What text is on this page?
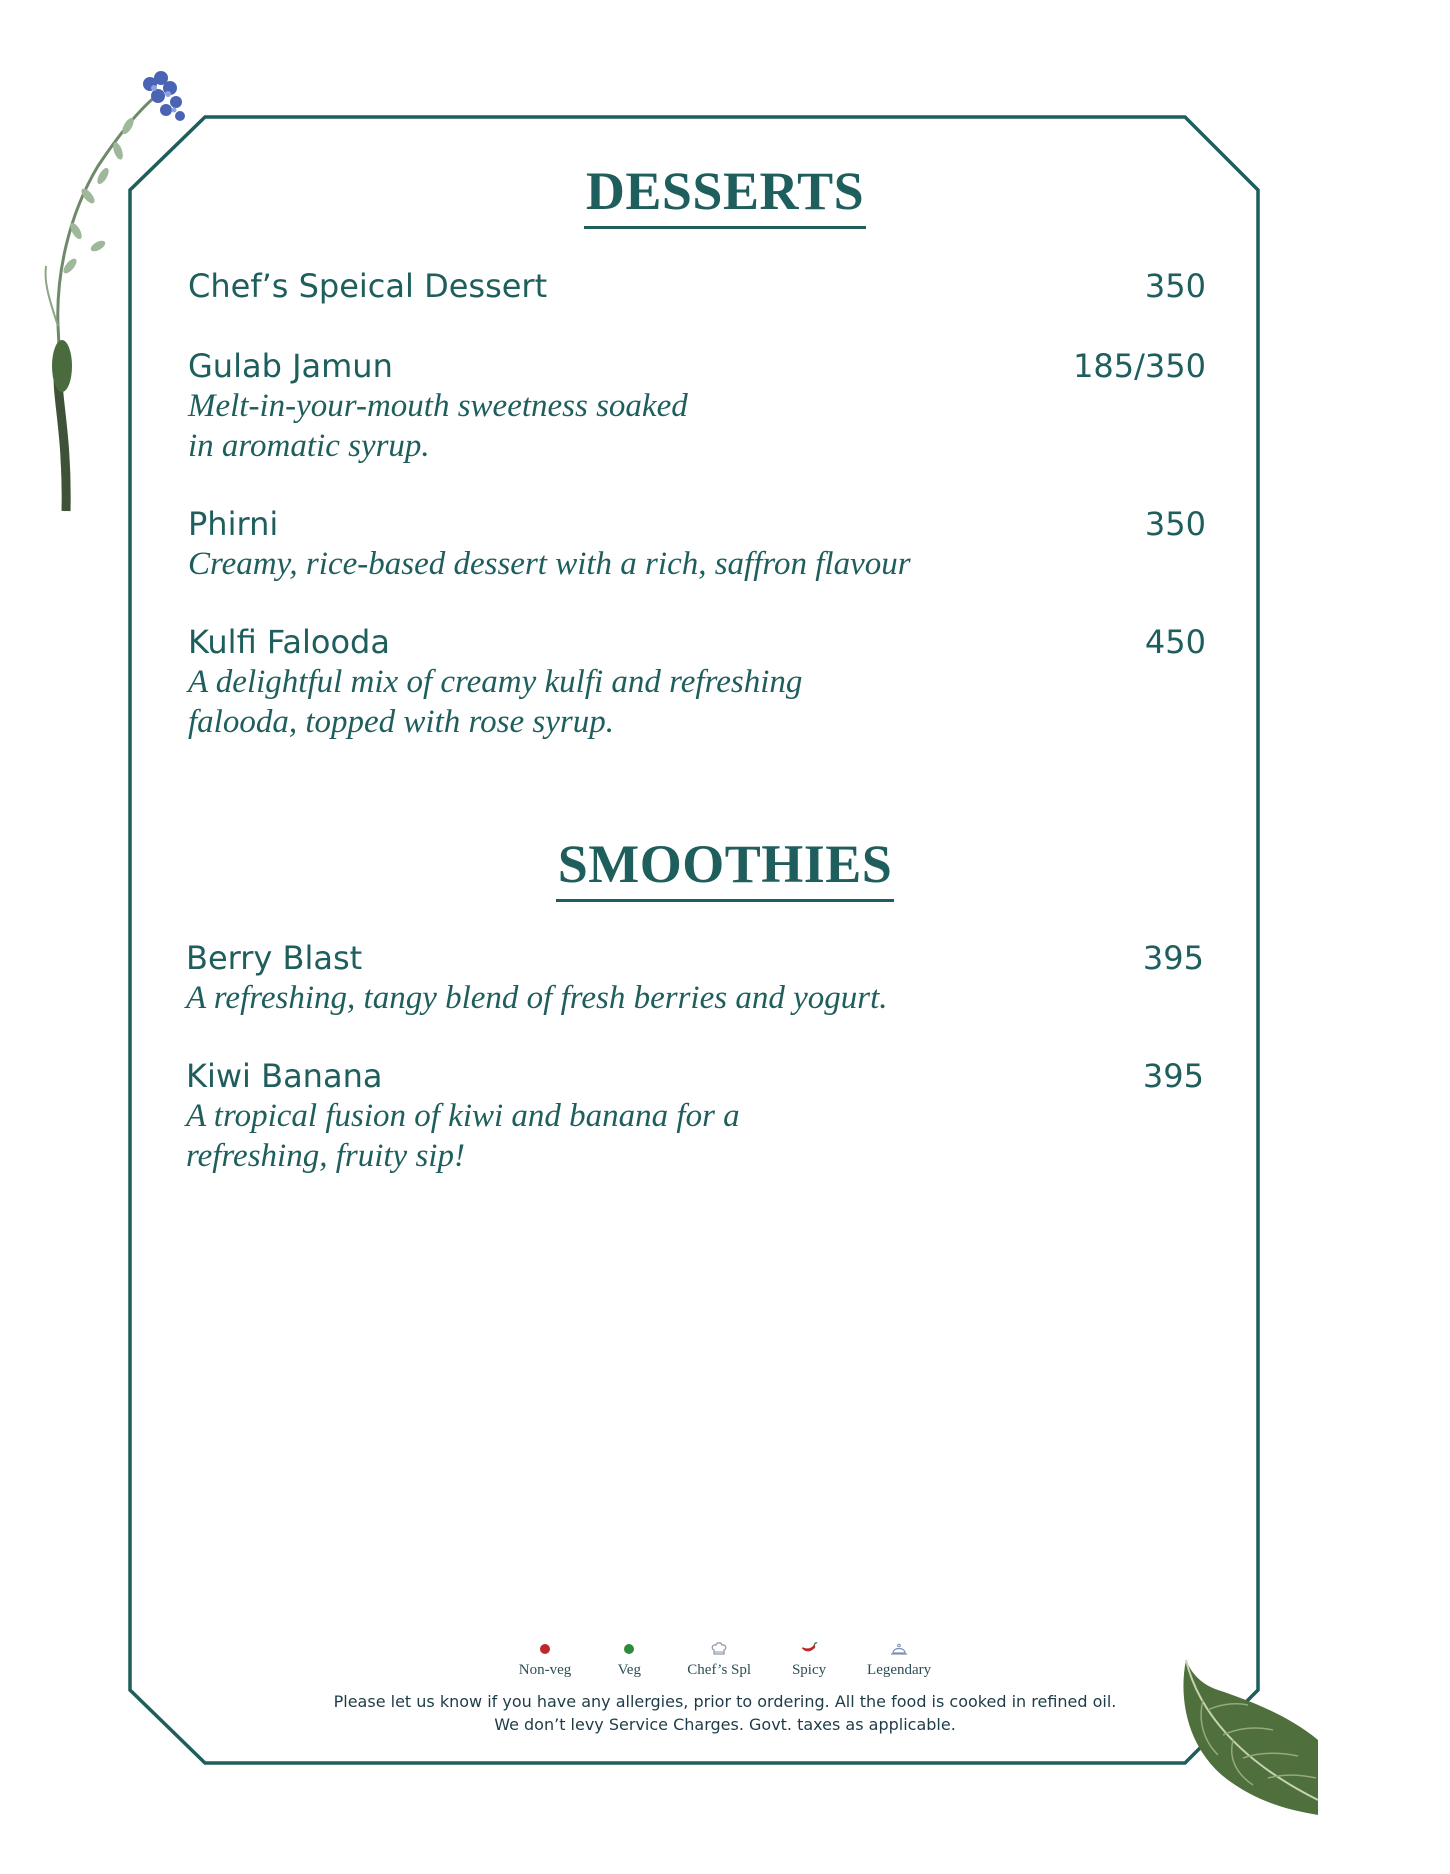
DESSERTS
Chef’s Speical Dessert	350
Gulab Jamun	185/350
Melt-in-your-mouth sweetness soaked
in aromatic syrup.
Phirni	350
Creamy, rice-based dessert with a rich, saffron flavour
Kulfi Falooda	450
A delightful mix of creamy kulfi and refreshing
falooda, topped with rose syrup.
SMOOTHIES
Berry Blast	395
A refreshing, tangy blend of fresh berries and yogurt.
Kiwi Banana	395
A tropical fusion of kiwi and banana for a
refreshing, fruity sip!
Non-veg	Veg	Chef’s Spl	Spicy	Legendary
Please let us know if you have any allergies, prior to ordering. All the food is cooked in refined oil.
We don’t levy Service Charges. Govt. taxes as applicable.
